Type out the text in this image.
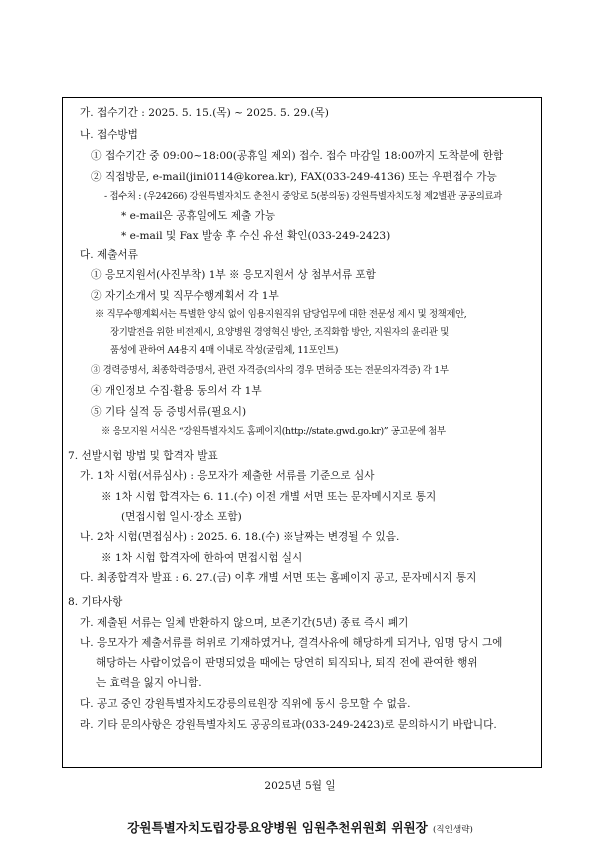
가. 접수기간 : 2025. 5. 15.(목) ~ 2025. 5. 29.(목)
나. 접수방법
① 접수기간 중 09:00~18:00(공휴일 제외) 접수. 접수 마감일 18:00까지 도착분에 한함
② 직접방문, e-mail(jini0114@korea.kr), FAX(033-249-4136) 또는 우편접수 가능
- 접수처 : (우24266) 강원특별자치도 춘천시 중앙로 5(봉의동) 강원특별자치도청 제2별관 공공의료과
* e-mail은 공휴일에도 제출 가능
* e-mail 및 Fax 발송 후 수신 유선 확인(033-249-2423)
다. 제출서류
① 응모지원서(사진부착) 1부 ※ 응모지원서 상 첨부서류 포함
② 자기소개서 및 직무수행계획서 각 1부
※ 직무수행계획서는 특별한 양식 없이 임용지원직위 담당업무에 대한 전문성 제시 및 정책제안,
장기발전을 위한 비전제시, 요양병원 경영혁신 방안, 조직화합 방안, 지원자의 윤리관 및
품성에 관하여 A4용지 4매 이내로 작성(굴림체, 11포인트)
③ 경력증명서, 최종학력증명서, 관련 자격증(의사의 경우 면허증 또는 전문의자격증) 각 1부
④ 개인정보 수집·활용 동의서 각 1부
⑤ 기타 실적 등 증빙서류(필요시)
※ 응모지원 서식은 “강원특별자치도 홈페이지(http://state.gwd.go.kr)” 공고문에 첨부
7. 선발시험 방법 및 합격자 발표
가. 1차 시험(서류심사) : 응모자가 제출한 서류를 기준으로 심사
※ 1차 시험 합격자는 6. 11.(수) 이전 개별 서면 또는 문자메시지로 통지
(면접시험 일시·장소 포함)
나. 2차 시험(면접심사) : 2025. 6. 18.(수) ※날짜는 변경될 수 있음.
※ 1차 시험 합격자에 한하여 면접시험 실시
다. 최종합격자 발표 : 6. 27.(금) 이후 개별 서면 또는 홈페이지 공고, 문자메시지 통지
8. 기타사항
가. 제출된 서류는 일체 반환하지 않으며, 보존기간(5년) 종료 즉시 폐기
나. 응모자가 제출서류를 허위로 기재하였거나, 결격사유에 해당하게 되거나, 임명 당시 그에
해당하는 사람이었음이 판명되었을 때에는 당연히 퇴직되나, 퇴직 전에 관여한 행위
는 효력을 잃지 아니함.
다. 공고 중인 강원특별자치도강릉의료원장 직위에 동시 응모할 수 없음.
라. 기타 문의사항은 강원특별자치도 공공의료과(033-249-2423)로 문의하시기 바랍니다.
2025년 5월 일
강원특별자치도립강릉요양병원 임원추천위원회 위원장 (직인생략)
